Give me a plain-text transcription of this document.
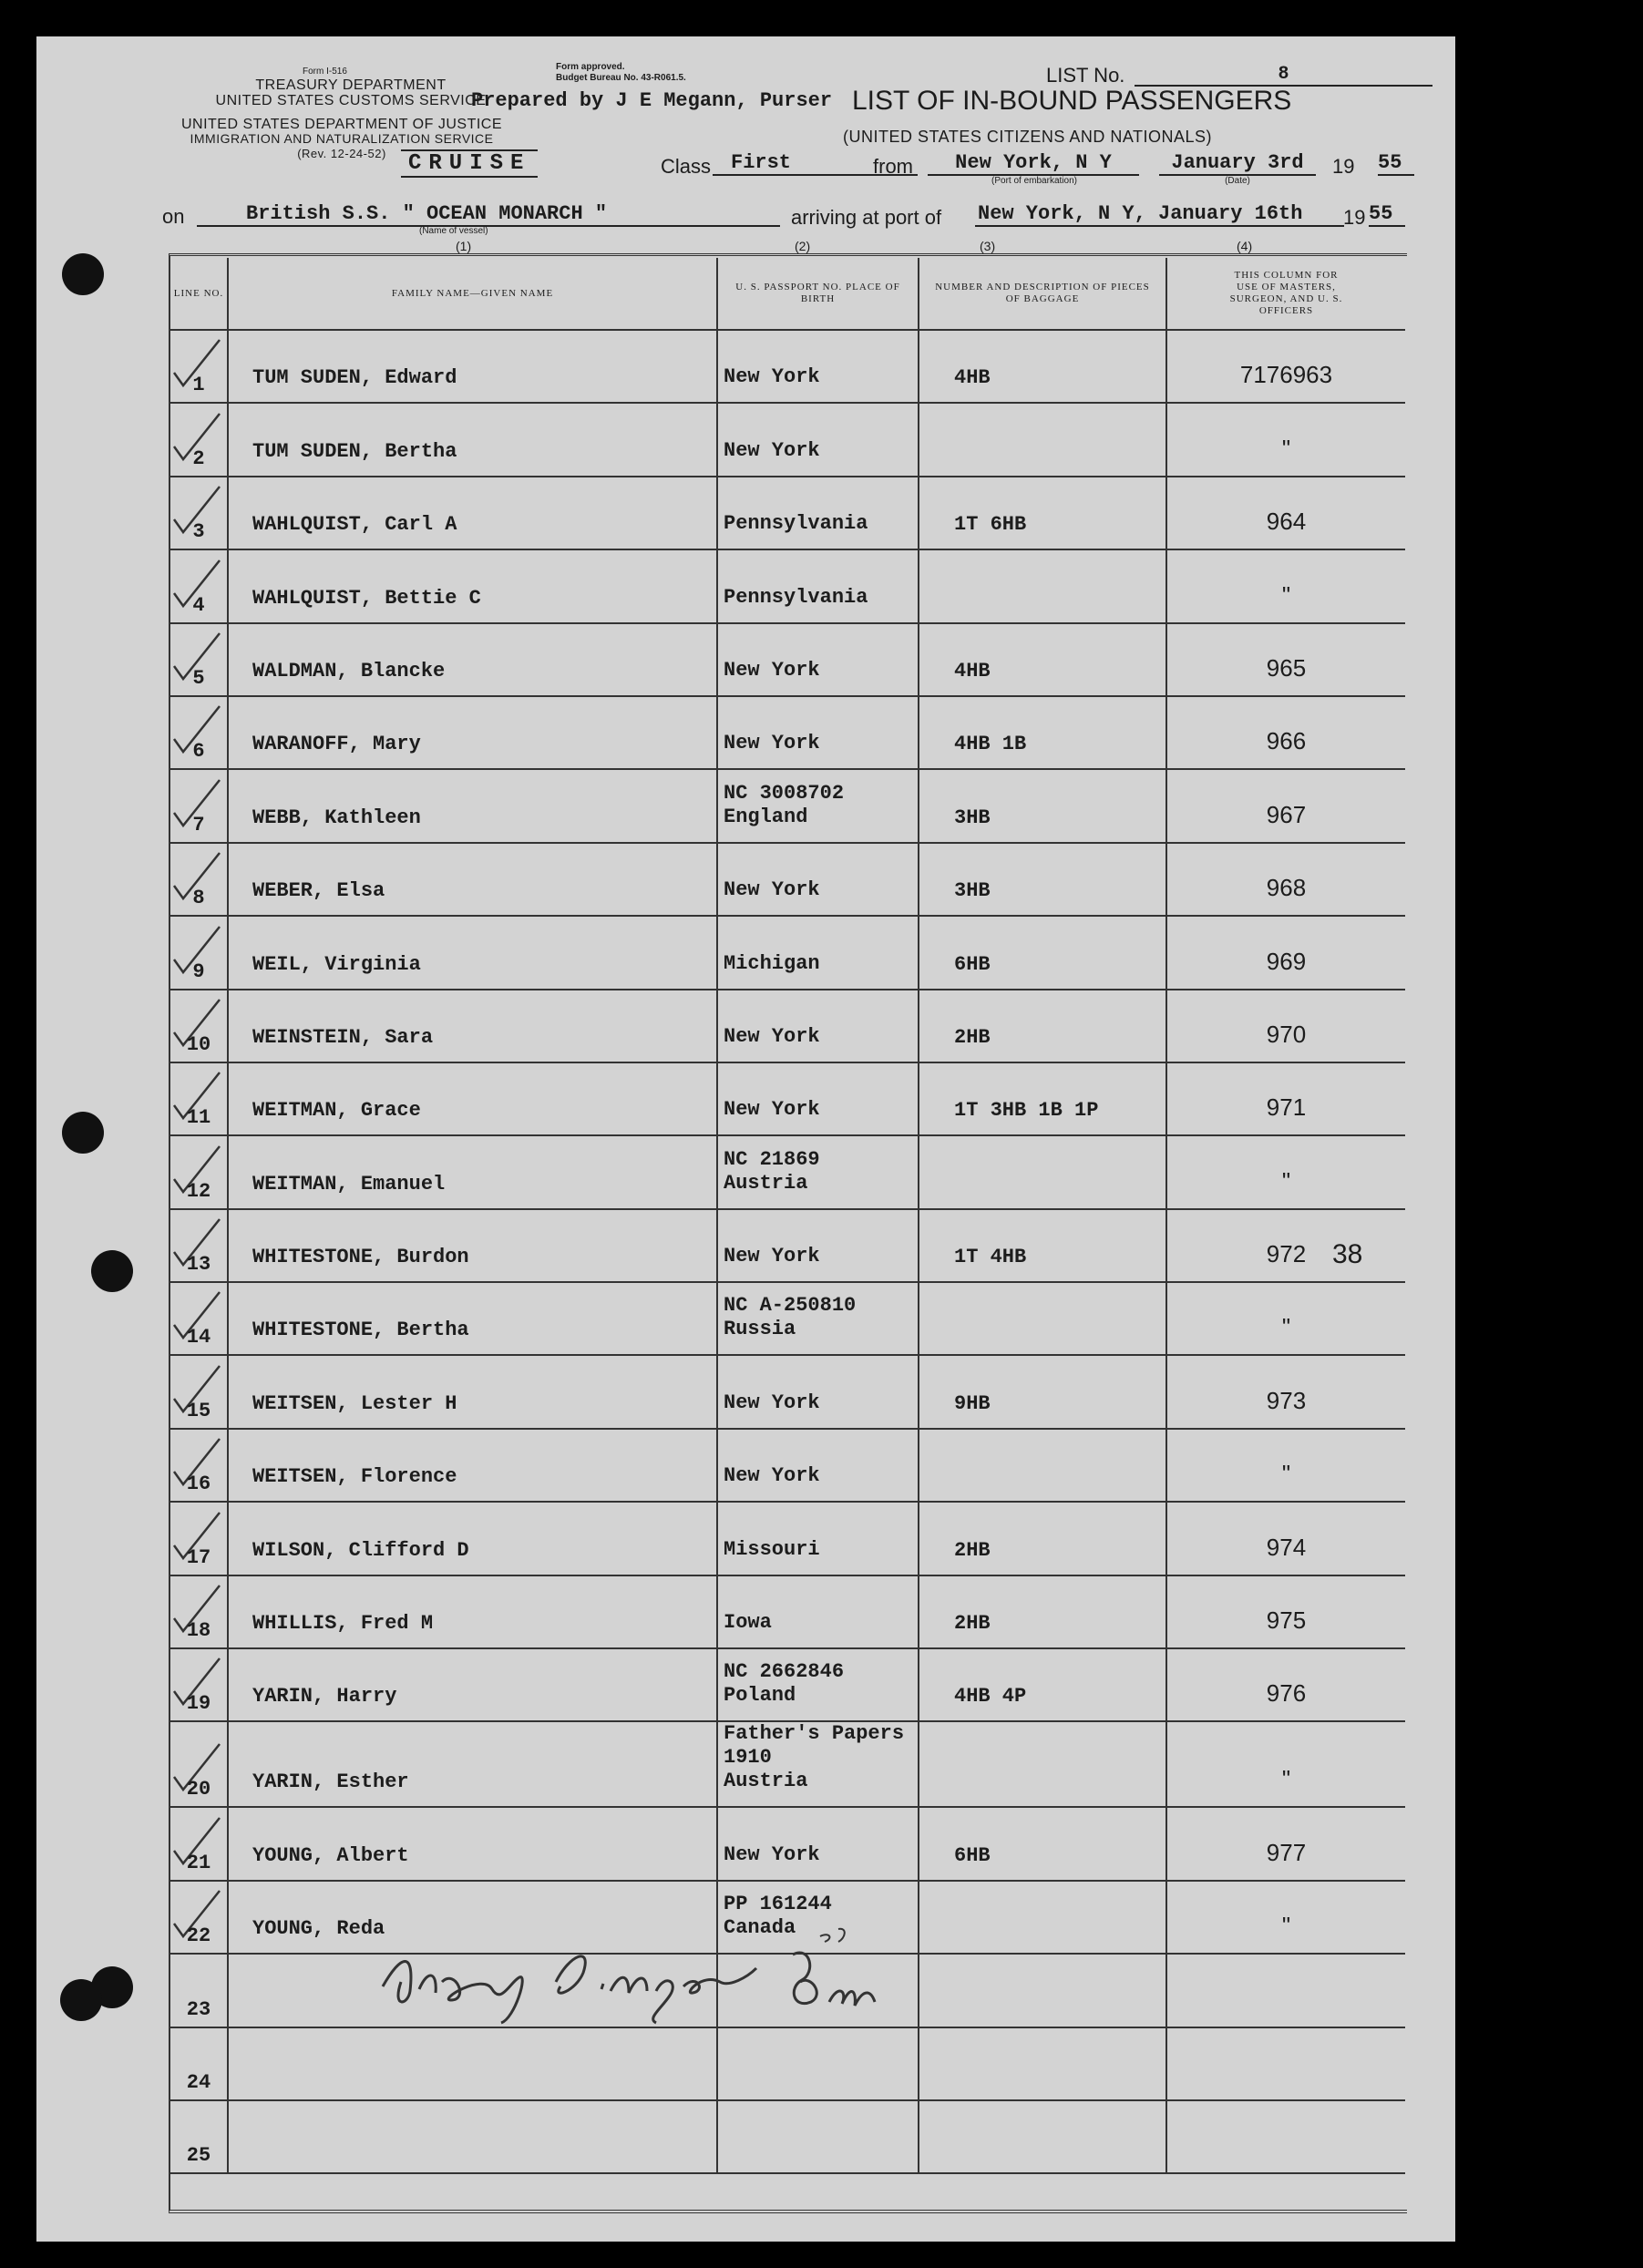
Form I-516
TREASURY DEPARTMENT
UNITED STATES CUSTOMS SERVICE
UNITED STATES DEPARTMENT OF JUSTICE
IMMIGRATION AND NATURALIZATION SERVICE
(Rev. 12-24-52)	CRUISE
Form approved.
Budget Bureau No. 43-R061.5.
Prepared by J E Megann, Purser LIST OF IN-BOUND PASSENGERS
LIST No.	8
(UNITED STATES CITIZENS AND NATIONALS)
Class First	from	New York, N Y
(Port of embarkation)
January 3rd
(Date)
19 55
on	British S.S. " OCEAN MONARCH "
(Name of vessel)
arriving at port of New York, N Y, January 16th	19 55
(1)	(2)	(3)	(4)
LINE NO.	FAMILY NAME—GIVEN NAME	U. S. PASSPORT NO. PLACE OF BIRTH	NUMBER AND DESCRIPTION OF PIECES OF BAGGAGE	THIS COLUMN FOR USE OF MASTERS, SURGEON, AND U. S. OFFICERS

1	TUM SUDEN, Edward	New York	4HB	7176963

2	TUM SUDEN, Bertha	New York		"

3	WAHLQUIST, Carl A	Pennsylvania	1T 6HB	964

4	WAHLQUIST, Bettie C	Pennsylvania		"

5	WALDMAN, Blancke	New York	4HB	965

6	WARANOFF, Mary	New York	4HB 1B	966

7	WEBB, Kathleen	NC 3008702
England	3HB	967

8	WEBER, Elsa	New York	3HB	968

9	WEIL, Virginia	Michigan	6HB	969

10	WEINSTEIN, Sara	New York	2HB	970

11	WEITMAN, Grace	New York	1T 3HB 1B 1P	971

12	WEITMAN, Emanuel	NC 21869
Austria		"

13	WHITESTONE, Burdon	New York	1T 4HB	972

14	WHITESTONE, Bertha	NC A-250810
Russia		"

15	WEITSEN, Lester H	New York	9HB	973

16	WEITSEN, Florence	New York		"

17	WILSON, Clifford D	Missouri	2HB	974

18	WHILLIS, Fred M	Iowa	2HB	975

19	YARIN, Harry	NC 2662846
Poland	4HB 4P	976

20	YARIN, Esther	Father's Papers 1910
Austria		"

21	YOUNG, Albert	New York	6HB	977

22	YOUNG, Reda	PP 161244
Canada		"

23				

24				

25				

38
